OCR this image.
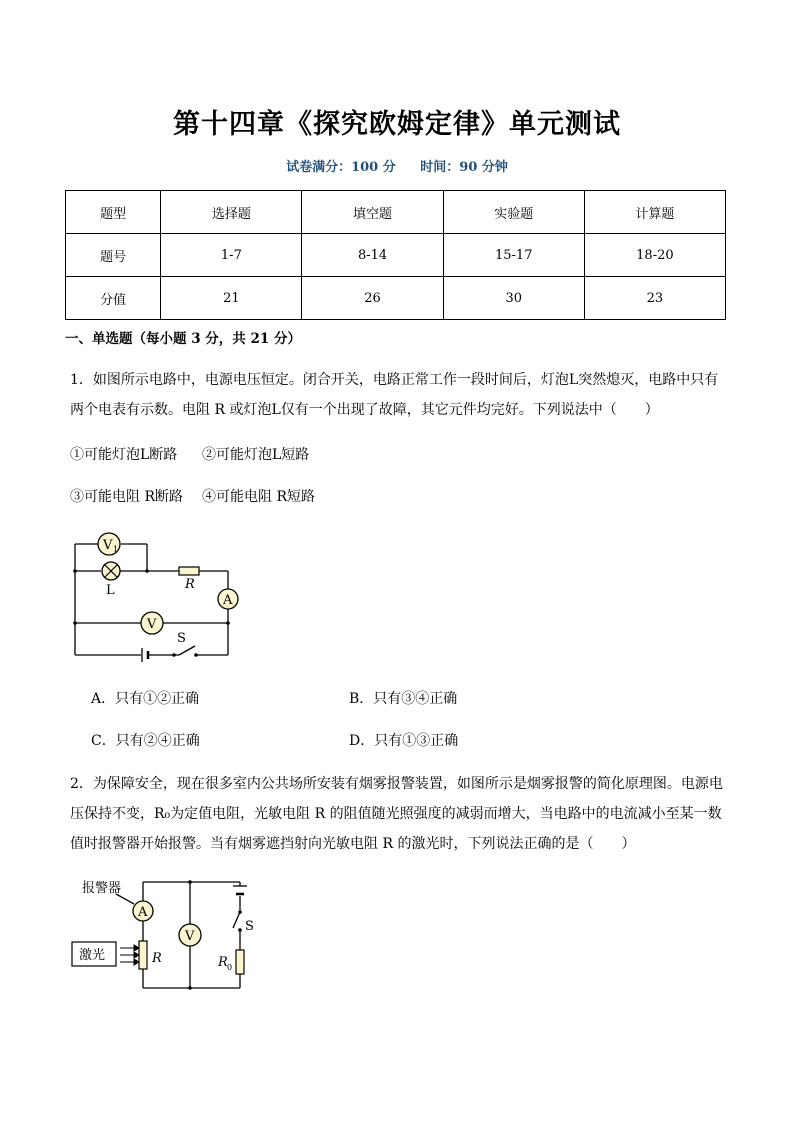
第十四章《探究欧姆定律》单元测试
试卷满分：100 分 时间：90 分钟
题型	选择题	填空题	实验题	计算题
题号	1-7	8-14	15-17	18-20
分值	21	26	30	23
一、单选题（每小题 3 分，共 21 分）
1．如图所示电路中，电源电压恒定。闭合开关，电路正常工作一段时间后，灯泡L突然熄灭，电路中只有
两个电表有示数。电阻 R 或灯泡L仅有一个出现了故障，其它元件均完好。下列说法中（　　）
①可能灯泡L断路 ②可能灯泡L短路
③可能电阻 R断路 ④可能电阻 R短路
V 1
L	R
A
V
S
A．只有①②正确	B．只有③④正确
C．只有②④正确	D．只有①③正确
2．为保障安全，现在很多室内公共场所安装有烟雾报警装置，如图所示是烟雾报警的简化原理图。电源电
压保持不变，R₀为定值电阻，光敏电阻 R 的阻值随光照强度的减弱而增大，当电路中的电流减小至某一数
值时报警器开始报警。当有烟雾遮挡射向光敏电阻 R 的激光时，下列说法正确的是（　　）
S
报警器
A
激光	R
V
R 0
